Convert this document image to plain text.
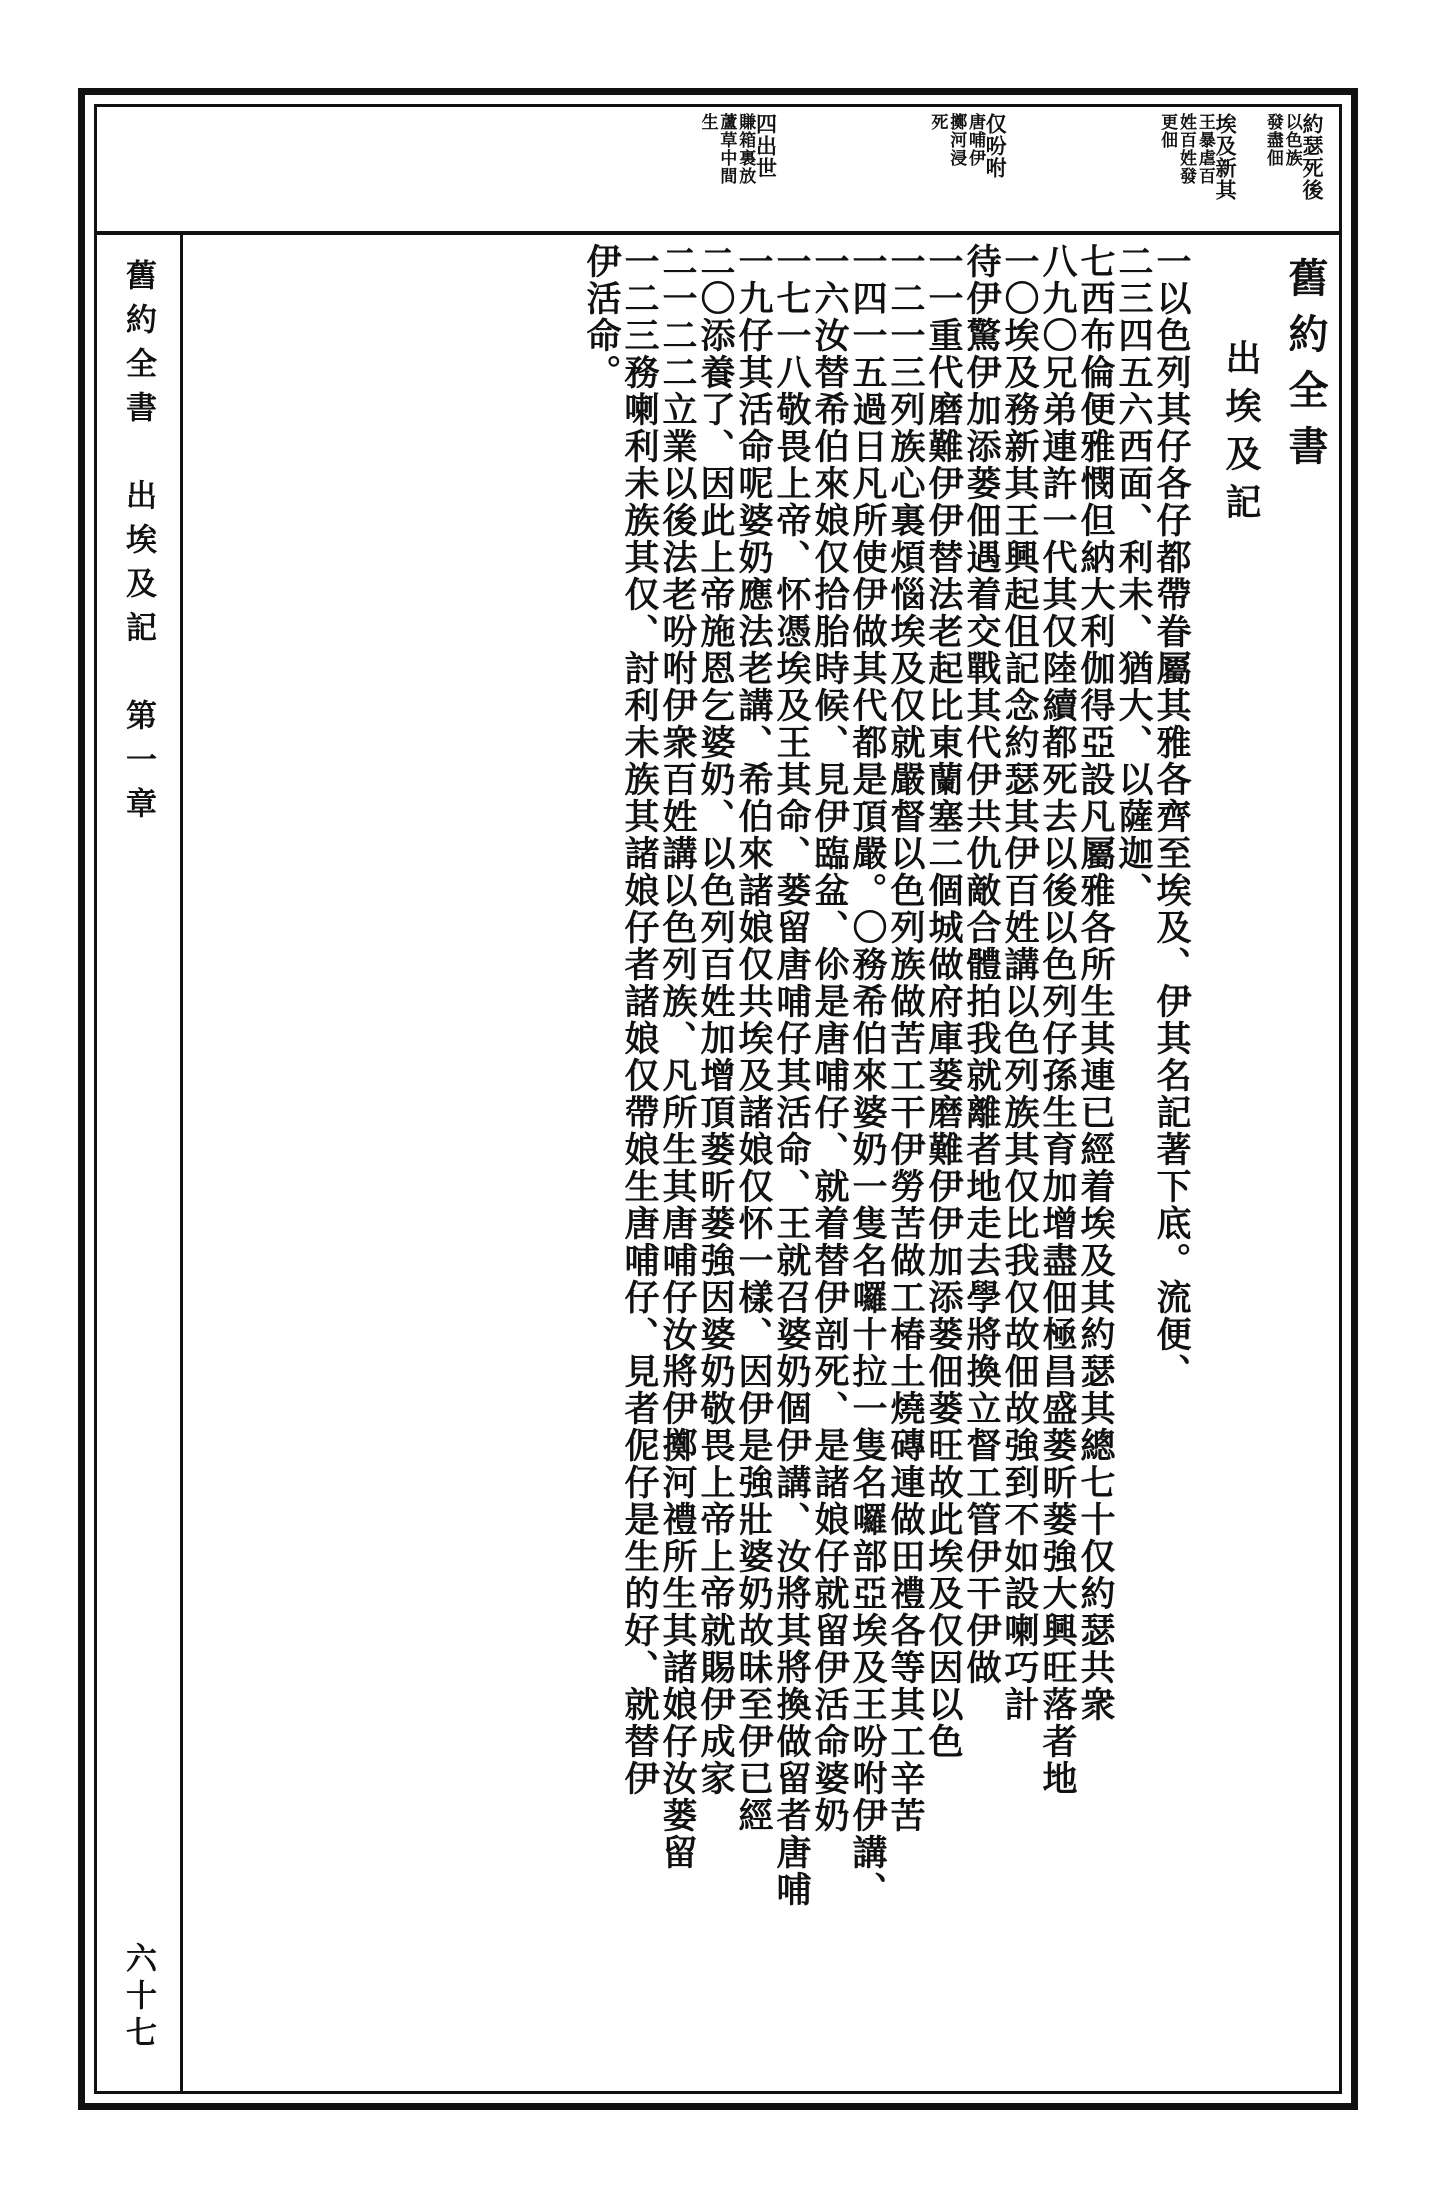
約瑟死後
以色族
發盡佃
埃及新其
王暴虐百
姓百姓發
更佃
仅吩咐
唐哺伊
擲河浸
死
四出世
賺箱裏放
蘆草中間
生
舊約全書　出埃及記　第一章
六十七
舊約全書
出埃及記
一以色列其仔各仔都帶眷屬其雅各齊至埃及、伊其名記著下底。流便、
二三四五六西面、利未、猶大、以薩迦、
七西布倫便雅憫但納大利伽得亞設凡屬雅各所生其連已經着埃及其約瑟其總七十仅約瑟共衆
八九〇兄弟連許一代其仅陸續都死去以後以色列仔孫生育加增盡佃極昌盛蒌昕蒌強大興旺落者地
一〇埃及務新其王興起伹記念約瑟其伊百姓講以色列族其仅比我仅故佃故強到不如設喇巧計
待伊驚伊加添蒌佃遇着交戰其代伊共仇敵合體拍我就離者地走去學將換立督工管伊干伊做
一一重代磨難伊伊替法老起比東蘭塞二個城做府庫蒌磨難伊伊加添蒌佃蒌旺故此埃及仅因以色
一二一三列族心裏煩惱埃及仅就嚴督以色列族做苦工干伊勞苦做工椿土燒磚連做田禮各等其工辛苦
一四一五過日凡所使伊做其代都是頂嚴。〇務希伯來婆奶一隻名囉十拉一隻名囉部亞埃及王吩咐伊講、
一六汝替希伯來娘仅拾胎時候、見伊臨盆、伱是唐哺仔、就着替伊剖死、是諸娘仔就留伊活命婆奶
一七一八敬畏上帝、怀憑埃及王其命、蒌留唐哺仔其活命、王就召婆奶個伊講、汝將其將換做留者唐哺
一九仔其活命呢婆奶應法老講、希伯來諸娘仅共埃及諸娘仅怀一樣、因伊是強壯婆奶故昧至伊已經
二〇添養了、因此上帝施恩乞婆奶、以色列百姓加增頂蒌昕蒌強因婆奶敬畏上帝上帝就賜伊成家
二一二二立業以後法老吩咐伊衆百姓講以色列族、凡所生其唐哺仔汝將伊擲河禮所生其諸娘仔汝蒌留
一二三務喇利未族其仅、討利未族其諸娘仔者諸娘仅帶娘生唐哺仔、見者伲仔是生的好、就替伊
伊活命。
